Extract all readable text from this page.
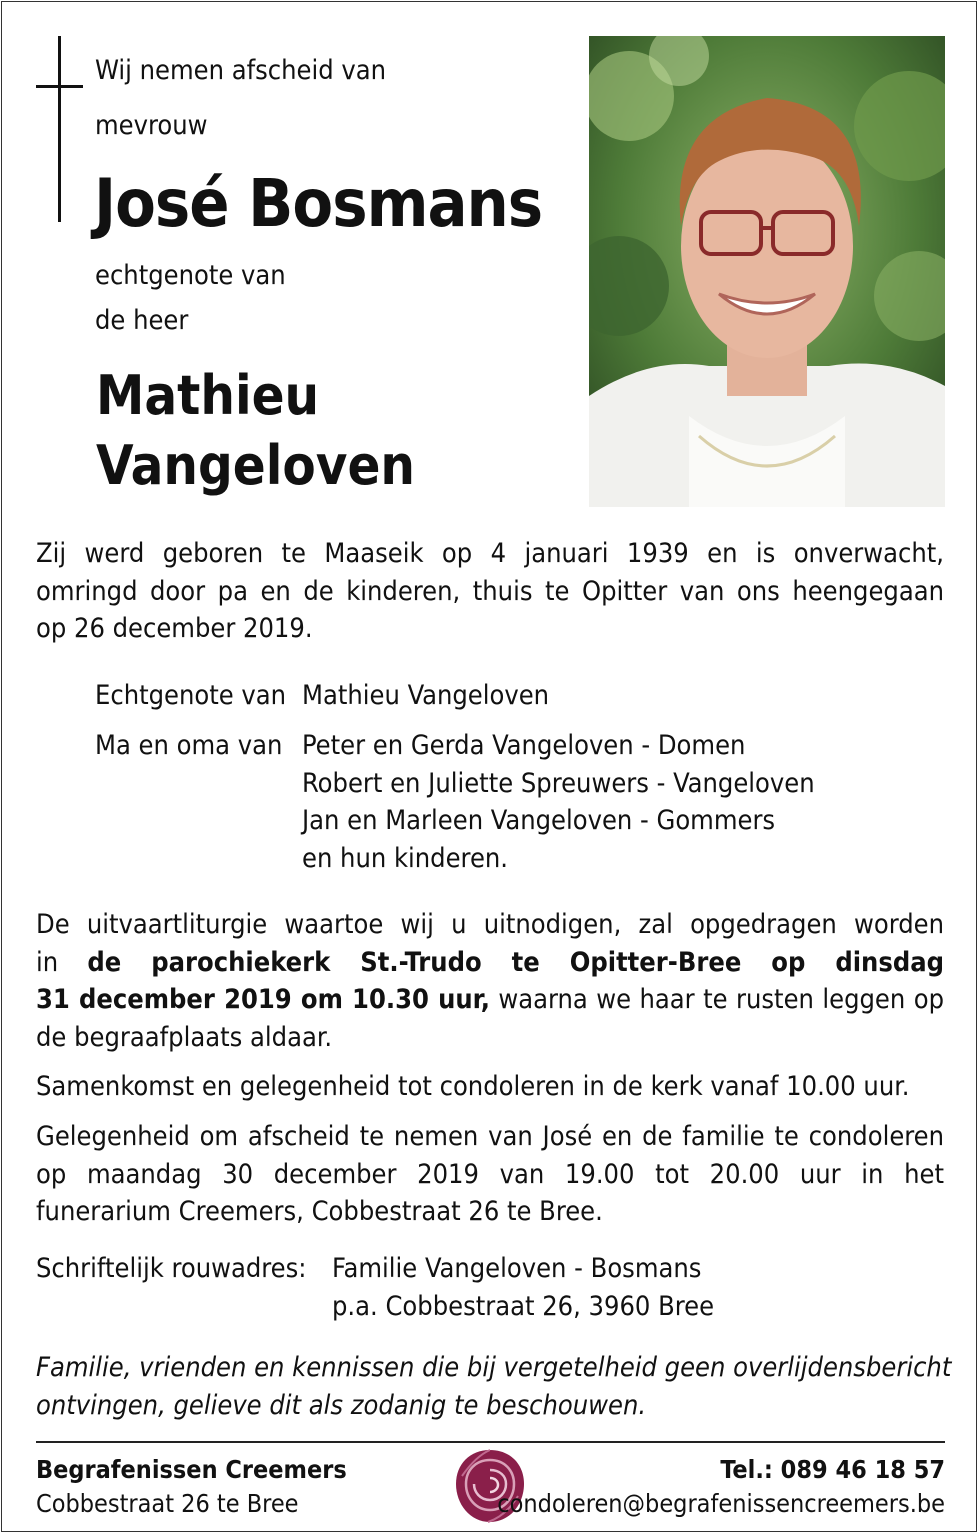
Wij nemen afscheid van
mevrouw
José Bosmans
echtgenote van
de heer
Mathieu
Vangeloven
Zij werd geboren te Maaseik op 4 januari 1939 en is onverwacht,
omringd door pa en de kinderen, thuis te Opitter van ons heengegaan
op 26 december 2019.
Echtgenote van Mathieu Vangeloven
Ma en oma van Peter en Gerda Vangeloven - Domen
Robert en Juliette Spreuwers - Vangeloven
Jan en Marleen Vangeloven - Gommers
en hun kinderen.
De uitvaartliturgie waartoe wij u uitnodigen, zal opgedragen worden
in de parochiekerk St.-Trudo te Opitter-Bree op dinsdag
31 december 2019 om 10.30 uur, waarna we haar te rusten leggen op
de begraafplaats aldaar.
Samenkomst en gelegenheid tot condoleren in de kerk vanaf 10.00 uur.
Gelegenheid om afscheid te nemen van José en de familie te condoleren
op maandag 30 december 2019 van 19.00 tot 20.00 uur in het
funerarium Creemers, Cobbestraat 26 te Bree.
Schriftelijk rouwadres: Familie Vangeloven - Bosmans
p.a. Cobbestraat 26, 3960 Bree
Familie, vrienden en kennissen die bij vergetelheid geen overlijdensbericht
ontvingen, gelieve dit als zodanig te beschouwen.
Begrafenissen Creemers
Cobbestraat 26 te Bree
Tel.: 089 46 18 57
condoleren@begrafenissencreemers.be
